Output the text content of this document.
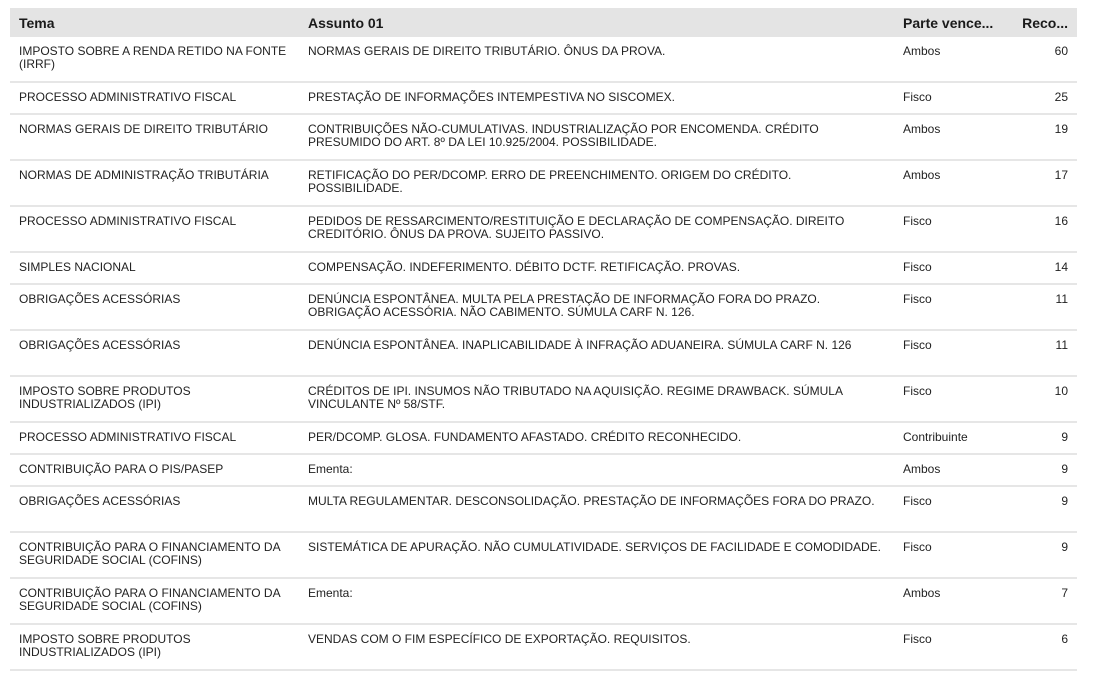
Tema	Assunto 01	Parte vence...	Reco...
IMPOSTO SOBRE A RENDA RETIDO NA FONTE (IRRF)	NORMAS GERAIS DE DIREITO TRIBUTÁRIO. ÔNUS DA PROVA.	Ambos	60
PROCESSO ADMINISTRATIVO FISCAL	PRESTAÇÃO DE INFORMAÇÕES INTEMPESTIVA NO SISCOMEX.	Fisco	25
NORMAS GERAIS DE DIREITO TRIBUTÁRIO	CONTRIBUIÇÕES NÃO-CUMULATIVAS. INDUSTRIALIZAÇÃO POR ENCOMENDA. CRÉDITO PRESUMIDO DO ART. 8º DA LEI 10.925/2004. POSSIBILIDADE.	Ambos	19
NORMAS DE ADMINISTRAÇÃO TRIBUTÁRIA	RETIFICAÇÃO DO PER/DCOMP. ERRO DE PREENCHIMENTO. ORIGEM DO CRÉDITO. POSSIBILIDADE.	Ambos	17
PROCESSO ADMINISTRATIVO FISCAL	PEDIDOS DE RESSARCIMENTO/RESTITUIÇÃO E DECLARAÇÃO DE COMPENSAÇÃO. DIREITO CREDITÓRIO. ÔNUS DA PROVA. SUJEITO PASSIVO.	Fisco	16
SIMPLES NACIONAL	COMPENSAÇÃO. INDEFERIMENTO. DÉBITO DCTF. RETIFICAÇÃO. PROVAS.	Fisco	14
OBRIGAÇÕES ACESSÓRIAS	DENÚNCIA ESPONTÂNEA. MULTA PELA PRESTAÇÃO DE INFORMAÇÃO FORA DO PRAZO. OBRIGAÇÃO ACESSÓRIA. NÃO CABIMENTO. SÚMULA CARF N. 126.	Fisco	11
OBRIGAÇÕES ACESSÓRIAS	DENÚNCIA ESPONTÂNEA. INAPLICABILIDADE À INFRAÇÃO ADUANEIRA. SÚMULA CARF N. 126	Fisco	11
IMPOSTO SOBRE PRODUTOS INDUSTRIALIZADOS (IPI)	CRÉDITOS DE IPI. INSUMOS NÃO TRIBUTADO NA AQUISIÇÃO. REGIME DRAWBACK. SÚMULA VINCULANTE Nº 58/STF.	Fisco	10
PROCESSO ADMINISTRATIVO FISCAL	PER/DCOMP. GLOSA. FUNDAMENTO AFASTADO. CRÉDITO RECONHECIDO.	Contribuinte	9
CONTRIBUIÇÃO PARA O PIS/PASEP	Ementa:	Ambos	9
OBRIGAÇÕES ACESSÓRIAS	MULTA REGULAMENTAR. DESCONSOLIDAÇÃO. PRESTAÇÃO DE INFORMAÇÕES FORA DO PRAZO.	Fisco	9
CONTRIBUIÇÃO PARA O FINANCIAMENTO DA SEGURIDADE SOCIAL (COFINS)	SISTEMÁTICA DE APURAÇÃO. NÃO CUMULATIVIDADE. SERVIÇOS DE FACILIDADE E COMODIDADE.	Fisco	9
CONTRIBUIÇÃO PARA O FINANCIAMENTO DA SEGURIDADE SOCIAL (COFINS)	Ementa:	Ambos	7
IMPOSTO SOBRE PRODUTOS INDUSTRIALIZADOS (IPI)	VENDAS COM O FIM ESPECÍFICO DE EXPORTAÇÃO. REQUISITOS.	Fisco	6
